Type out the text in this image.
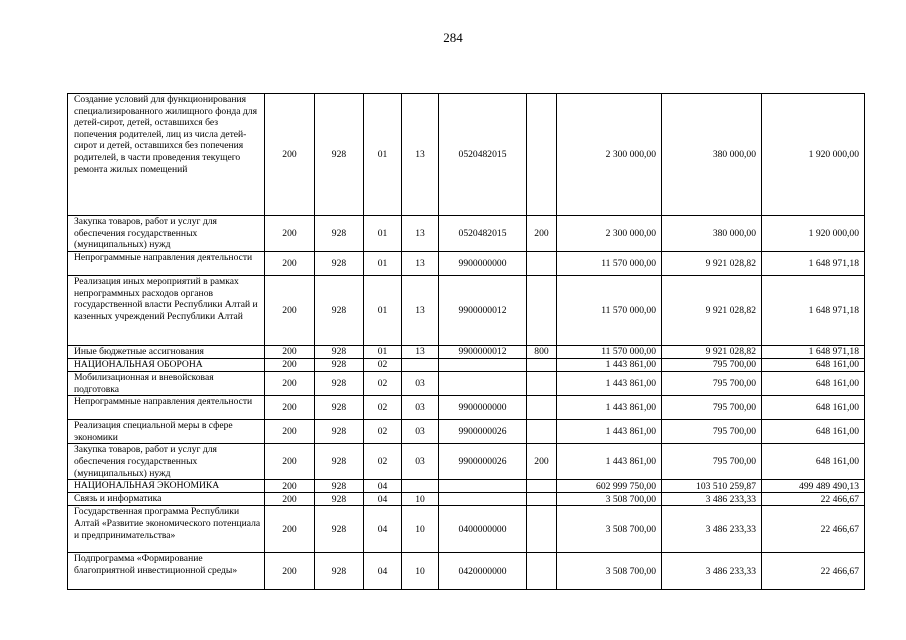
284
Создание условий для функционирования специализированного жилищного фонда для детей-сирот, детей, оставшихся без попечения родителей, лиц из числа детей-сирот и детей, оставшихся без попечения родителей, в части проведения текущего ремонта жилых помещений	200	928	01	13	0520482015		2 300 000,00	380 000,00	1 920 000,00
Закупка товаров, работ и услуг для обеспечения государственных (муниципальных) нужд	200	928	01	13	0520482015	200	2 300 000,00	380 000,00	1 920 000,00
Непрограммные направления деятельности	200	928	01	13	9900000000		11 570 000,00	9 921 028,82	1 648 971,18
Реализация иных мероприятий в рамках непрограммных расходов органов государственной власти Республики Алтай и казенных учреждений Республики Алтай	200	928	01	13	9900000012		11 570 000,00	9 921 028,82	1 648 971,18
Иные бюджетные ассигнования	200	928	01	13	9900000012	800	11 570 000,00	9 921 028,82	1 648 971,18
НАЦИОНАЛЬНАЯ ОБОРОНА	200	928	02				1 443 861,00	795 700,00	648 161,00
Мобилизационная и вневойсковая подготовка	200	928	02	03			1 443 861,00	795 700,00	648 161,00
Непрограммные направления деятельности	200	928	02	03	9900000000		1 443 861,00	795 700,00	648 161,00
Реализация специальной меры в сфере экономики	200	928	02	03	9900000026		1 443 861,00	795 700,00	648 161,00
Закупка товаров, работ и услуг для обеспечения государственных (муниципальных) нужд	200	928	02	03	9900000026	200	1 443 861,00	795 700,00	648 161,00
НАЦИОНАЛЬНАЯ ЭКОНОМИКА	200	928	04				602 999 750,00	103 510 259,87	499 489 490,13
Связь и информатика	200	928	04	10			3 508 700,00	3 486 233,33	22 466,67
Государственная программа Республики Алтай «Развитие экономического потенциала и предпринимательства»	200	928	04	10	0400000000		3 508 700,00	3 486 233,33	22 466,67
Подпрограмма «Формирование благоприятной инвестиционной среды»	200	928	04	10	0420000000		3 508 700,00	3 486 233,33	22 466,67
